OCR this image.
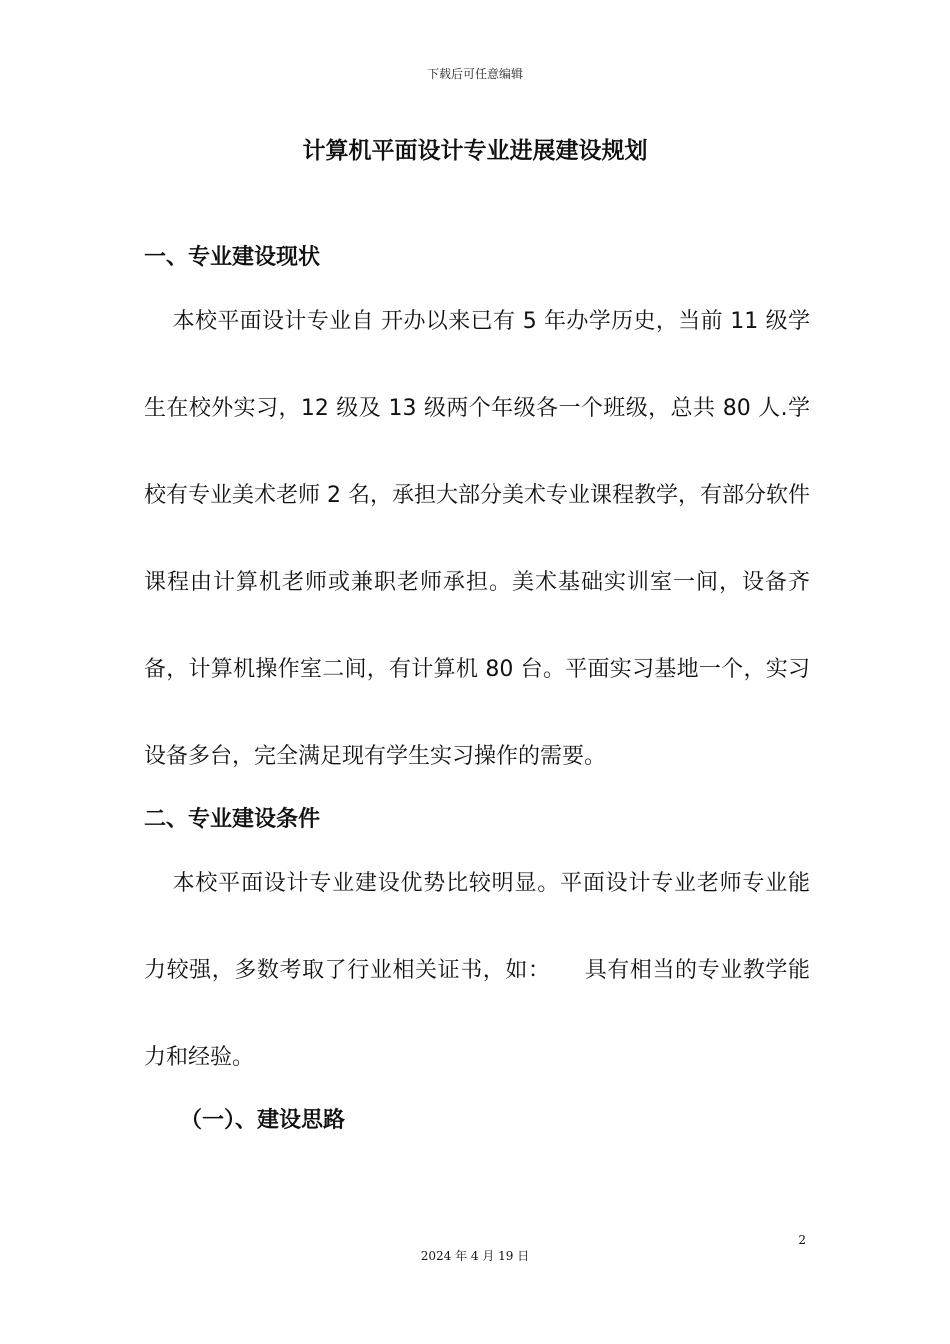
下载后可任意编辑
计算机平面设计专业进展建设规划

一、专业建设现状

本校平面设计专业自 开办以来已有 5 年办学历史，当前 11 级学生在校外实习，12 级及 13 级两个年级各一个班级，总共 80 人.学校有专业美术老师 2 名，承担大部分美术专业课程教学，有部分软件课程由计算机老师或兼职老师承担。美术基础实训室一间，设备齐备，计算机操作室二间，有计算机 80 台。平面实习基地一个，实习设备多台，完全满足现有学生实习操作的需要。

二、专业建设条件

本校平面设计专业建设优势比较明显。平面设计专业老师专业能力较强，多数考取了行业相关证书，如：　　具有相当的专业教学能力和经验。

（一）、建设思路

2
2024 年 4 月 19 日
